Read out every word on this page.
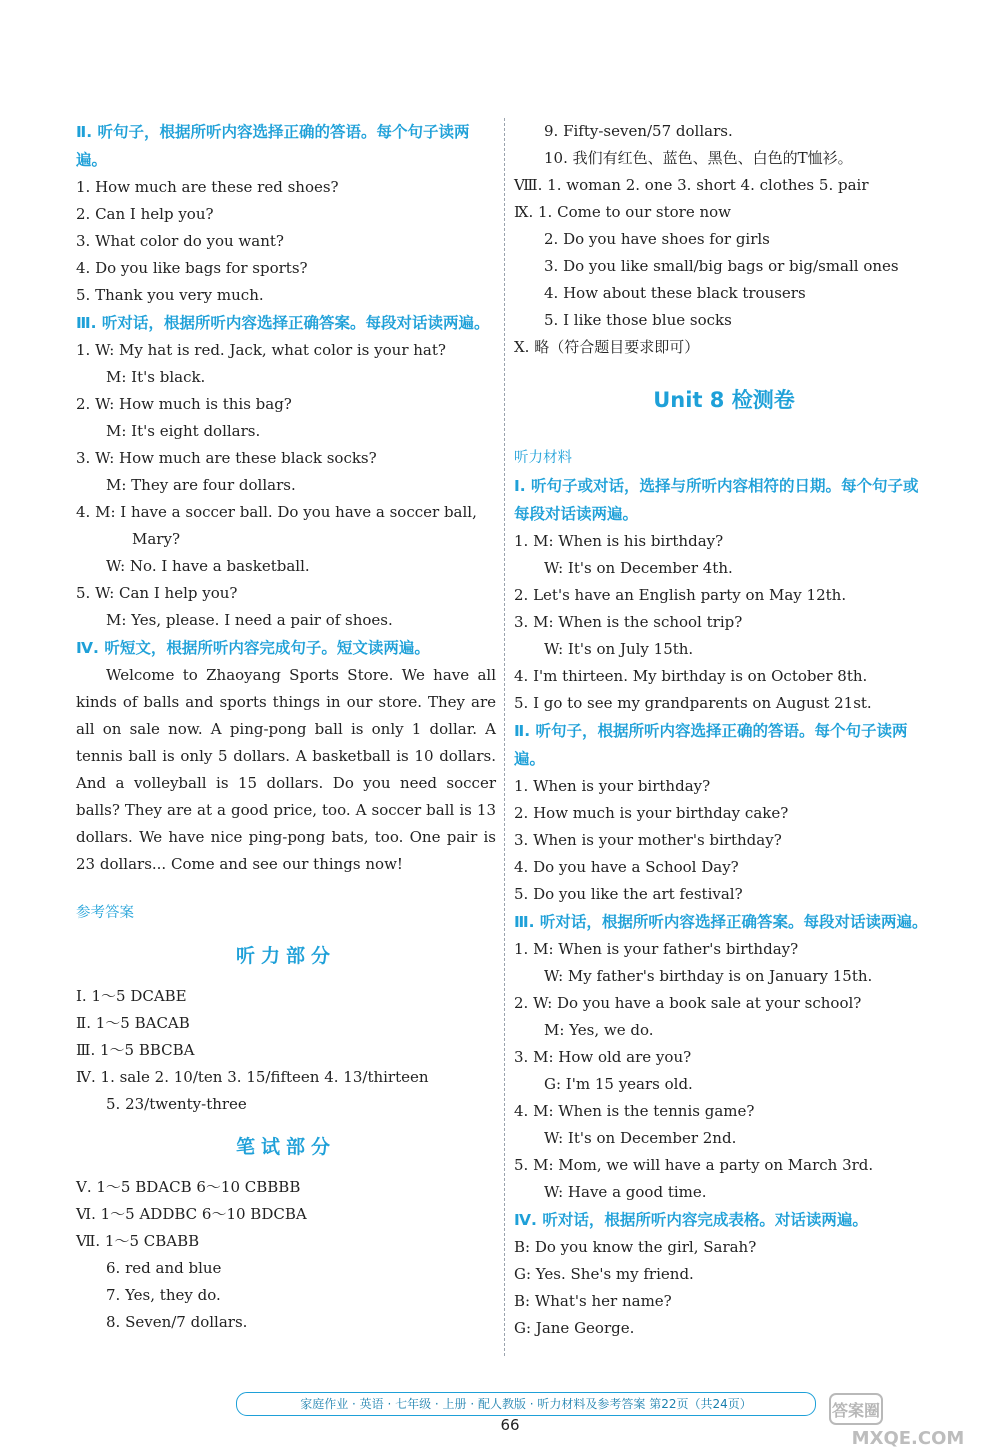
Ⅱ. 听句子，根据所听内容选择正确的答语。每个句子读两遍。
1. How much are these red shoes?
2. Can I help you?
3. What color do you want?
4. Do you like bags for sports?
5. Thank you very much.
Ⅲ. 听对话，根据所听内容选择正确答案。每段对话读两遍。
1. W: My hat is red. Jack, what color is your hat?
M: It's black.
2. W: How much is this bag?
M: It's eight dollars.
3. W: How much are these black socks?
M: They are four dollars.
4. M: I have a soccer ball. Do you have a soccer ball,
Mary?
W: No. I have a basketball.
5. W: Can I help you?
M: Yes, please. I need a pair of shoes.
Ⅳ. 听短文，根据所听内容完成句子。短文读两遍。
Welcome to Zhaoyang Sports Store. We have all kinds of balls and sports things in our store. They are all on sale now. A ping-pong ball is only 1 dollar. A tennis ball is only 5 dollars. A basketball is 10 dollars. And a volleyball is 15 dollars. Do you need soccer balls? They are at a good price, too. A soccer ball is 13 dollars. We have nice ping-pong bats, too. One pair is 23 dollars... Come and see our things now!
参考答案
听力部分
Ⅰ. 1～5 DCABE
Ⅱ. 1～5 BACAB
Ⅲ. 1～5 BBCBA
Ⅳ. 1. sale 2. 10/ten 3. 15/fifteen 4. 13/thirteen
5. 23/twenty-three
笔试部分
Ⅴ. 1～5 BDACB 6～10 CBBBB
Ⅵ. 1～5 ADDBC 6～10 BDCBA
Ⅶ. 1～5 CBABB
6. red and blue
7. Yes, they do.
8. Seven/7 dollars.
9. Fifty-seven/57 dollars.
10. 我们有红色、蓝色、黑色、白色的T恤衫。
Ⅷ. 1. woman 2. one 3. short 4. clothes 5. pair
Ⅸ. 1. Come to our store now
2. Do you have shoes for girls
3. Do you like small/big bags or big/small ones
4. How about these black trousers
5. I like those blue socks
Ⅹ. 略（符合题目要求即可）
Unit 8 检测卷
听力材料
Ⅰ. 听句子或对话，选择与所听内容相符的日期。每个句子或每段对话读两遍。
1. M: When is his birthday?
W: It's on December 4th.
2. Let's have an English party on May 12th.
3. M: When is the school trip?
W: It's on July 15th.
4. I'm thirteen. My birthday is on October 8th.
5. I go to see my grandparents on August 21st.
Ⅱ. 听句子，根据所听内容选择正确的答语。每个句子读两遍。
1. When is your birthday?
2. How much is your birthday cake?
3. When is your mother's birthday?
4. Do you have a School Day?
5. Do you like the art festival?
Ⅲ. 听对话，根据所听内容选择正确答案。每段对话读两遍。
1. M: When is your father's birthday?
W: My father's birthday is on January 15th.
2. W: Do you have a book sale at your school?
M: Yes, we do.
3. M: How old are you?
G: I'm 15 years old.
4. M: When is the tennis game?
W: It's on December 2nd.
5. M: Mom, we will have a party on March 3rd.
W: Have a good time.
Ⅳ. 听对话，根据所听内容完成表格。对话读两遍。
B: Do you know the girl, Sarah?
G: Yes. She's my friend.
B: What's her name?
G: Jane George.
家庭作业 · 英语 · 七年级 · 上册 · 配人教版 · 听力材料及参考答案 第22页（共24页）
66
答案圈
MXQE.COM
